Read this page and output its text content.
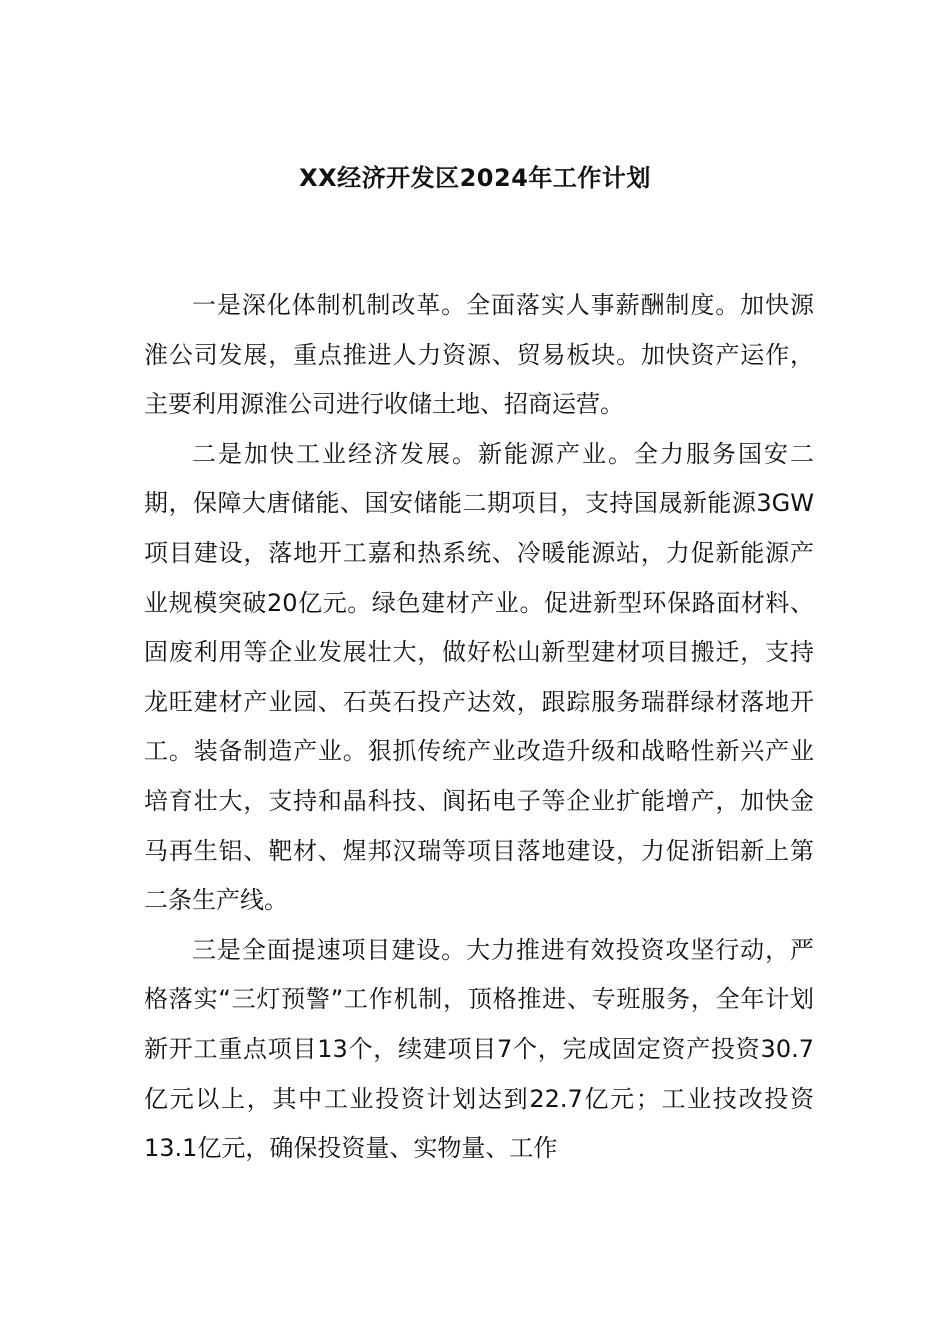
XX经济开发区2024年工作计划

一是深化体制机制改革。全面落实人事薪酬制度。加快源淮公司发展，重点推进人力资源、贸易板块。加快资产运作，主要利用源淮公司进行收储土地、招商运营。

二是加快工业经济发展。新能源产业。全力服务国安二期，保障大唐储能、国安储能二期项目，支持国晟新能源3GW项目建设，落地开工嘉和热系统、冷暖能源站，力促新能源产业规模突破20亿元。绿色建材产业。促进新型环保路面材料、固废利用等企业发展壮大，做好松山新型建材项目搬迁，支持龙旺建材产业园、石英石投产达效，跟踪服务瑞群绿材落地开工。装备制造产业。狠抓传统产业改造升级和战略性新兴产业培育壮大，支持和晶科技、阆拓电子等企业扩能增产，加快金马再生铝、靶材、煋邦汉瑞等项目落地建设，力促浙铝新上第二条生产线。

三是全面提速项目建设。大力推进有效投资攻坚行动，严格落实“三灯预警”工作机制，顶格推进、专班服务，全年计划新开工重点项目13个，续建项目7个，完成固定资产投资30.7亿元以上，其中工业投资计划达到22.7亿元；工业技改投资13.1亿元，确保投资量、实物量、工作
